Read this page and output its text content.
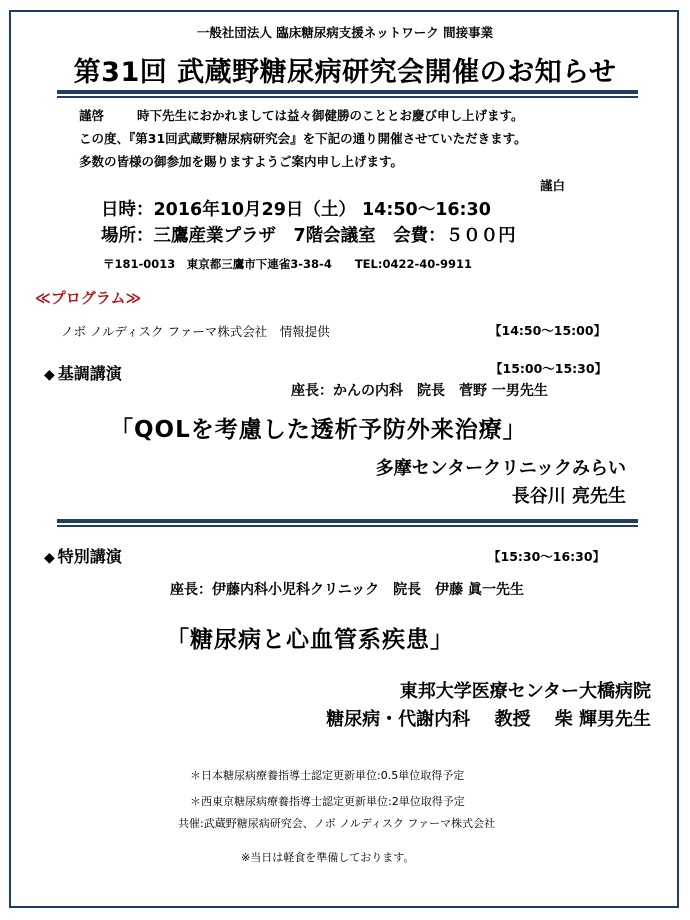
一般社団法人 臨床糖尿病支援ネットワーク 間接事業
第31回 武蔵野糖尿病研究会開催のお知らせ
謹啓	時下先生におかれましては益々御健勝のこととお慶び申し上げます。
この度、『第31回武蔵野糖尿病研究会』を下記の通り開催させていただきます。
多数の皆様の御参加を賜りますようご案内申し上げます。
謹白
日時：2016年10月29日（土） 14:50〜16:30
場所：三鷹産業プラザ　7階会議室　会費：５００円
〒181-0013　東京都三鷹市下連雀3-38-4　　TEL:0422-40-9911
≪プログラム≫
ノボ ノルディスク ファーマ株式会社　情報提供	【14:50〜15:00】
◆ 基調講演	【15:00〜15:30】
座長：かんの内科　院長　菅野 一男先生
「QOLを考慮した透析予防外来治療」
多摩センタークリニックみらい
長谷川 亮先生
◆ 特別講演	【15:30〜16:30】
座長：伊藤内科小児科クリニック　院長　伊藤 眞一先生
「糖尿病と心血管系疾患」
東邦大学医療センター大橋病院
糖尿病・代謝内科　 教授　 柴 輝男先生
＊日本糖尿病療養指導士認定更新単位:0.5単位取得予定
＊西東京糖尿病療養指導士認定更新単位:2単位取得予定
共催:武蔵野糖尿病研究会、ノボ ノルディスク ファーマ株式会社
※当日は軽食を準備しております。
